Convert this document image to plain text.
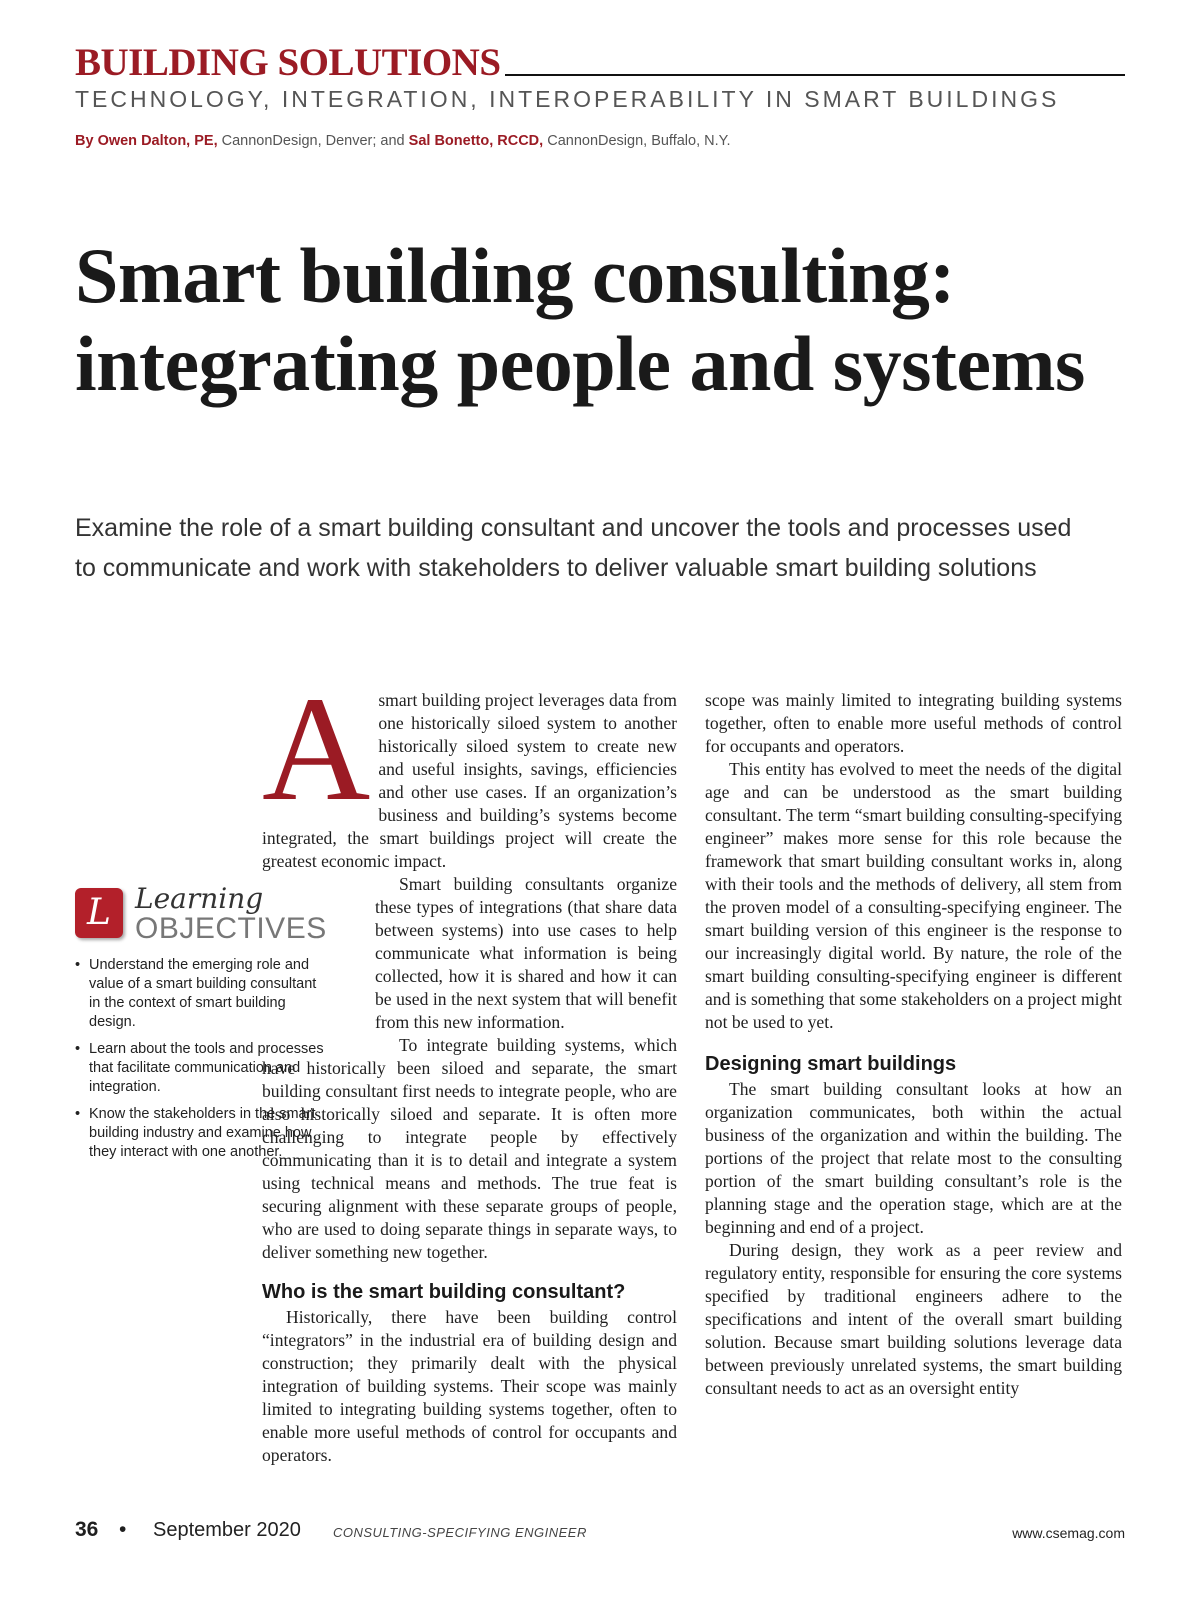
BUILDING SOLUTIONS
TECHNOLOGY, INTEGRATION, INTEROPERABILITY IN SMART BUILDINGS
By Owen Dalton, PE, CannonDesign, Denver; and Sal Bonetto, RCCD, CannonDesign, Buffalo, N.Y.
Smart building consulting: integrating people and systems

Examine the role of a smart building consultant and uncover the tools and processes used to communicate and work with stakeholders to deliver valuable smart building solutions

L Learning
OBJECTIVES
• Understand the emerging role and value of a smart building consultant in the context of smart building design.
• Learn about the tools and processes that facilitate communication and integration.
• Know the stakeholders in the smart building industry and examine how they interact with one another.
A smart building project leverages data from one historically siloed system to another historically siloed system to create new and useful insights, savings, efficiencies and other use cases. If an organization’s business and building’s systems become integrated, the smart buildings project will create the greatest economic impact.

Smart building consultants organize these types of integrations (that share data between systems) into use cases to help communicate what information is being collected, how it is shared and how it can be used in the next system that will benefit from this new information.

To integrate building systems, which have historically been siloed and separate, the smart building consultant first needs to integrate people, who are also historically siloed and separate. It is often more challenging to integrate people by effectively communicating than it is to detail and integrate a system using technical means and methods. The true feat is securing alignment with these separate groups of people, who are used to doing separate things in separate ways, to deliver something new together.

Who is the smart building consultant?

Historically, there have been building control “integrators” in the industrial era of building design and construction; they primarily dealt with the physical integration of building systems. Their scope was mainly limited to integrating building systems together, often to enable more useful methods of control for occupants and operators.

scope was mainly limited to integrating building systems together, often to enable more useful methods of control for occupants and operators.

This entity has evolved to meet the needs of the digital age and can be understood as the smart building consultant. The term “smart building consulting-specifying engineer” makes more sense for this role because the framework that smart building consultant works in, along with their tools and the methods of delivery, all stem from the proven model of a consulting-specifying engineer. The smart building version of this engineer is the response to our increasingly digital world. By nature, the role of the smart building consulting-specifying engineer is different and is something that some stakeholders on a project might not be used to yet.

Designing smart buildings

The smart building consultant looks at how an organization communicates, both within the actual business of the organization and within the building. The portions of the project that relate most to the consulting portion of the smart building consultant’s role is the planning stage and the operation stage, which are at the beginning and end of a project.

During design, they work as a peer review and regulatory entity, responsible for ensuring the core systems specified by traditional engineers adhere to the specifications and intent of the overall smart building solution. Because smart building solutions leverage data between previously unrelated systems, the smart building consultant needs to act as an oversight entity

36 • September 2020 CONSULTING-SPECIFYING ENGINEER	www.csemag.com
